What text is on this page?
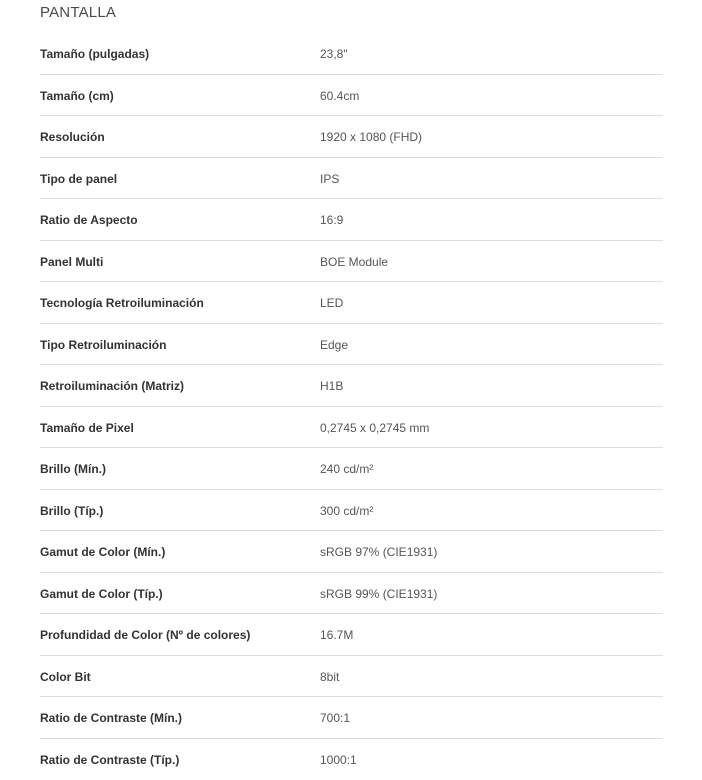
PANTALLA
Tamaño (pulgadas)	23,8"
Tamaño (cm)	60.4cm
Resolución	1920 x 1080 (FHD)
Tipo de panel	IPS
Ratio de Aspecto	16:9
Panel Multi	BOE Module
Tecnología Retroiluminación	LED
Tipo Retroiluminación	Edge
Retroiluminación (Matriz)	H1B
Tamaño de Pixel	0,2745 x 0,2745 mm
Brillo (Mín.)	240 cd/m²
Brillo (Típ.)	300 cd/m²
Gamut de Color (Mín.)	sRGB 97% (CIE1931)
Gamut de Color (Típ.)	sRGB 99% (CIE1931)
Profundidad de Color (Nº de colores)	16.7M
Color Bit	8bit
Ratio de Contraste (Mín.)	700:1
Ratio de Contraste (Típ.)	1000:1
